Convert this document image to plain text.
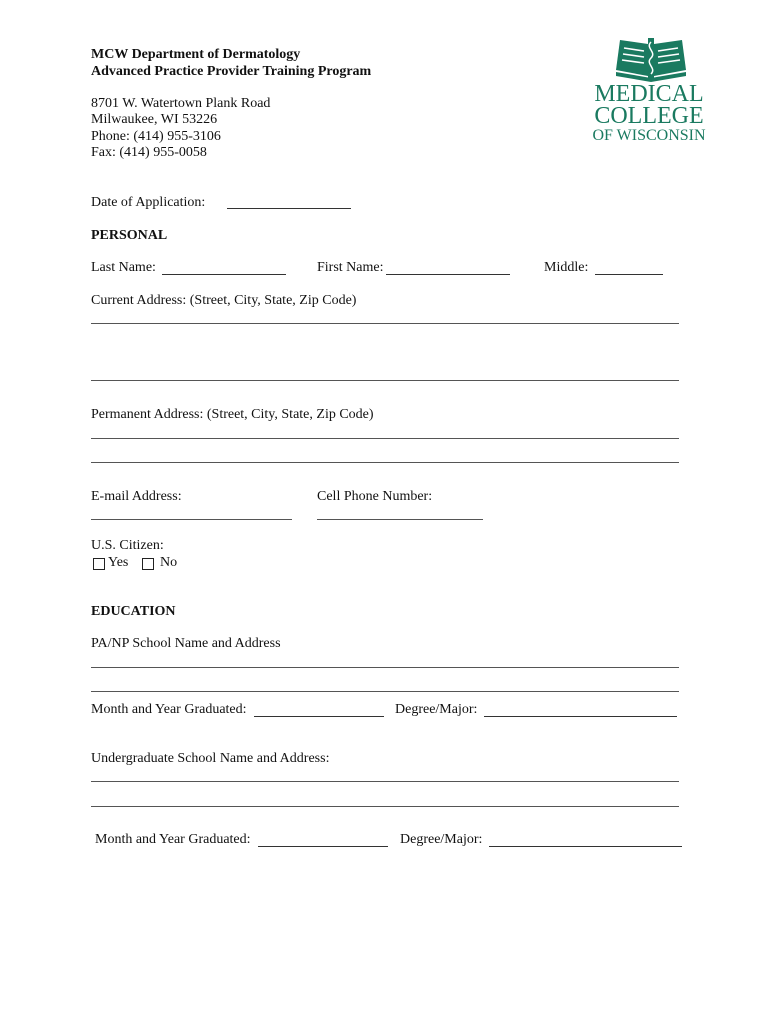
MCW Department of Dermatology
Advanced Practice Provider Training Program
8701 W. Watertown Plank Road
Milwaukee, WI 53226
Phone: (414) 955-3106
Fax: (414) 955-0058
MEDICAL
COLLEGE
OF WISCONSIN
Date of Application:
PERSONAL
Last Name:	First Name:	Middle:
Current Address: (Street, City, State, Zip Code)
Permanent Address: (Street, City, State, Zip Code)
E-mail Address:	Cell Phone Number:
U.S. Citizen:
Yes No
EDUCATION
PA/NP School Name and Address
Month and Year Graduated:	Degree/Major:
Undergraduate School Name and Address:
Month and Year Graduated:	Degree/Major:
